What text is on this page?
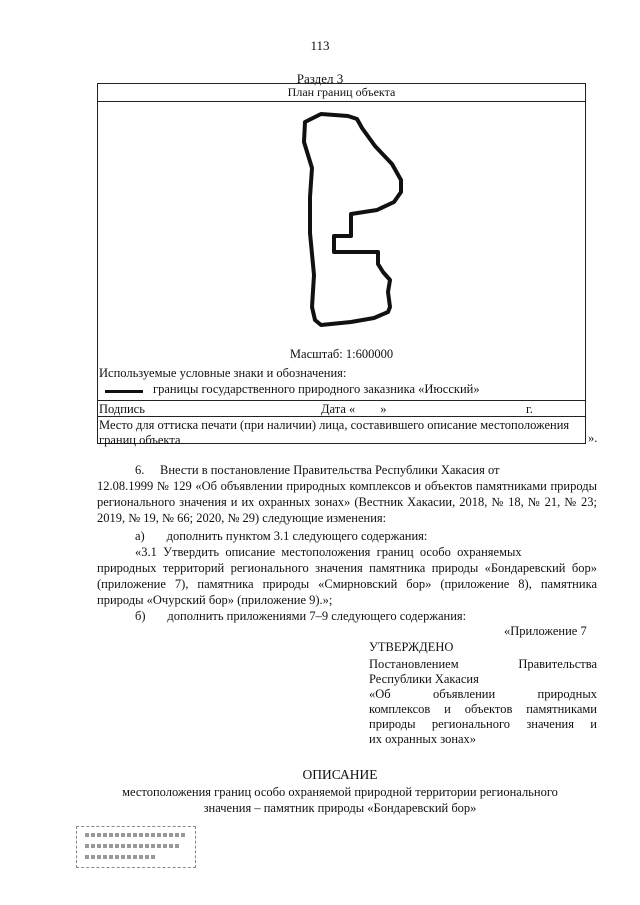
113
Раздел 3
План границ объекта
Масштаб: 1:600000
Используемые условные знаки и обозначения:
границы государственного природного заказника «Июсский»
Подпись	Дата «        »	г.
Место для оттиска печати (при наличии) лица, составившего описание местоположения
границ объекта	».

6.     Внести в постановление Правительства Республики Хакасия от

12.08.1999 № 129 «Об объявлении природных комплексов и объектов памятниками природы регионального значения и их охранных зонах» (Вестник Хакасии, 2018, № 18, № 21, № 23; 2019, № 19, № 66; 2020, № 29) следующие изменения:

а)       дополнить пунктом 3.1 следующего содержания:

«3.1  Утвердить  описание  местоположения  границ  особо  охраняемых

природных территорий регионального значения памятника природы «Бондаревский бор» (приложение 7), памятника природы «Смирновский бор» (приложение 8), памятника природы «Очурский бор» (приложение 9).»;

б)       дополнить приложениями 7–9 следующего содержания:
«Приложение 7
УТВЕРЖДЕНО
Постановлением Правительства
Республики Хакасия
«Об объявлении природных
комплексов и объектов памятниками
природы регионального значения и
их охранных зонах»
ОПИСАНИЕ
местоположения границ особо охраняемой природной территории регионального
значения – памятник природы «Бондаревский бор»
